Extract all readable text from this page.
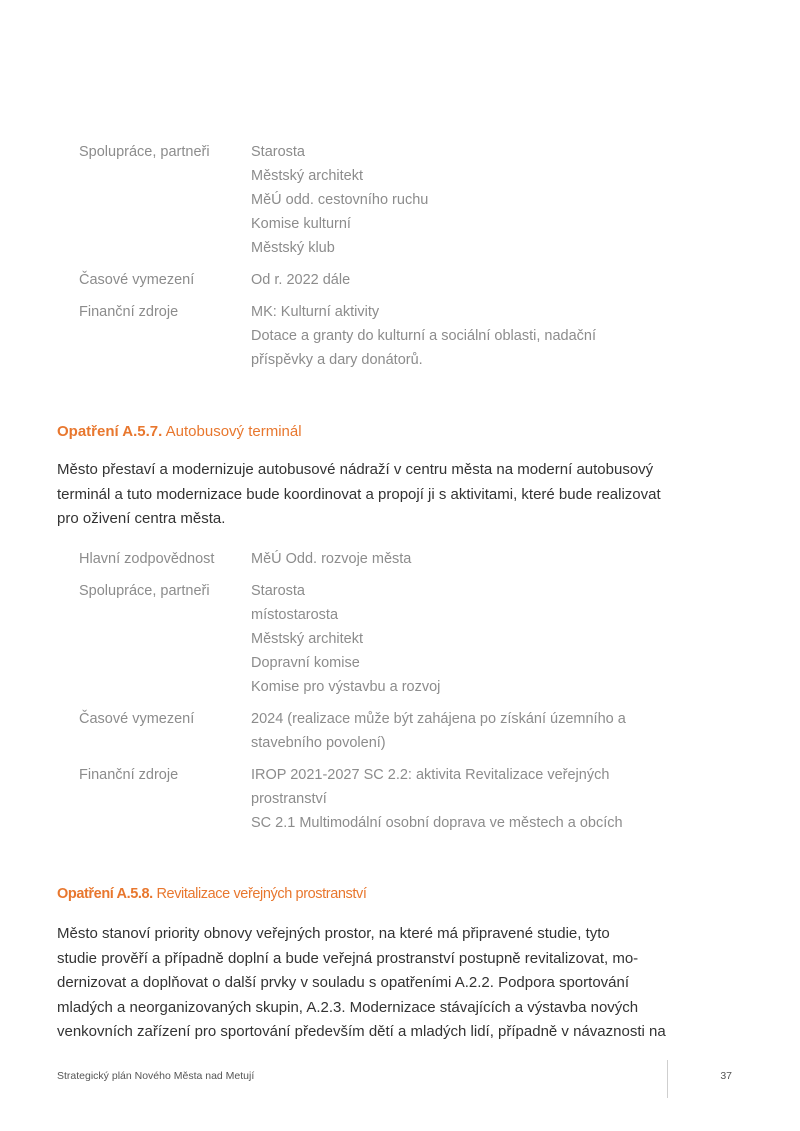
Spolupráce, partneři	Starosta
Městský architekt
MěÚ odd. cestovního ruchu
Komise kulturní
Městský klub
Časové vymezení	Od r. 2022 dále
Finanční zdroje	MK: Kulturní aktivity
Dotace a granty do kulturní a sociální oblasti, nadační
příspěvky a dary donátorů.
Opatření A.5.7. Autobusový terminál
Město přestaví a modernizuje autobusové nádraží v centru města na moderní autobusový
terminál a tuto modernizace bude koordinovat a propojí ji s aktivitami, které bude realizovat
pro oživení centra města.
Hlavní zodpovědnost	MěÚ Odd. rozvoje města
Spolupráce, partneři	Starosta
místostarosta
Městský architekt
Dopravní komise
Komise pro výstavbu a rozvoj
Časové vymezení	2024 (realizace může být zahájena po získání územního a
stavebního povolení)
Finanční zdroje	IROP 2021-2027 SC 2.2: aktivita Revitalizace veřejných
prostranství
SC 2.1 Multimodální osobní doprava ve městech a obcích
Opatření A.5.8. Revitalizace veřejných prostranství
Město stanoví priority obnovy veřejných prostor, na které má připravené studie, tyto
studie prověří a případně doplní a bude veřejná prostranství postupně revitalizovat, mo-
dernizovat a doplňovat o další prvky v souladu s opatřeními A.2.2. Podpora sportování
mladých a neorganizovaných skupin, A.2.3. Modernizace stávajících a výstavba nových
venkovních zařízení pro sportování především dětí a mladých lidí, případně v návaznosti na
Strategický plán Nového Města nad Metují	37
